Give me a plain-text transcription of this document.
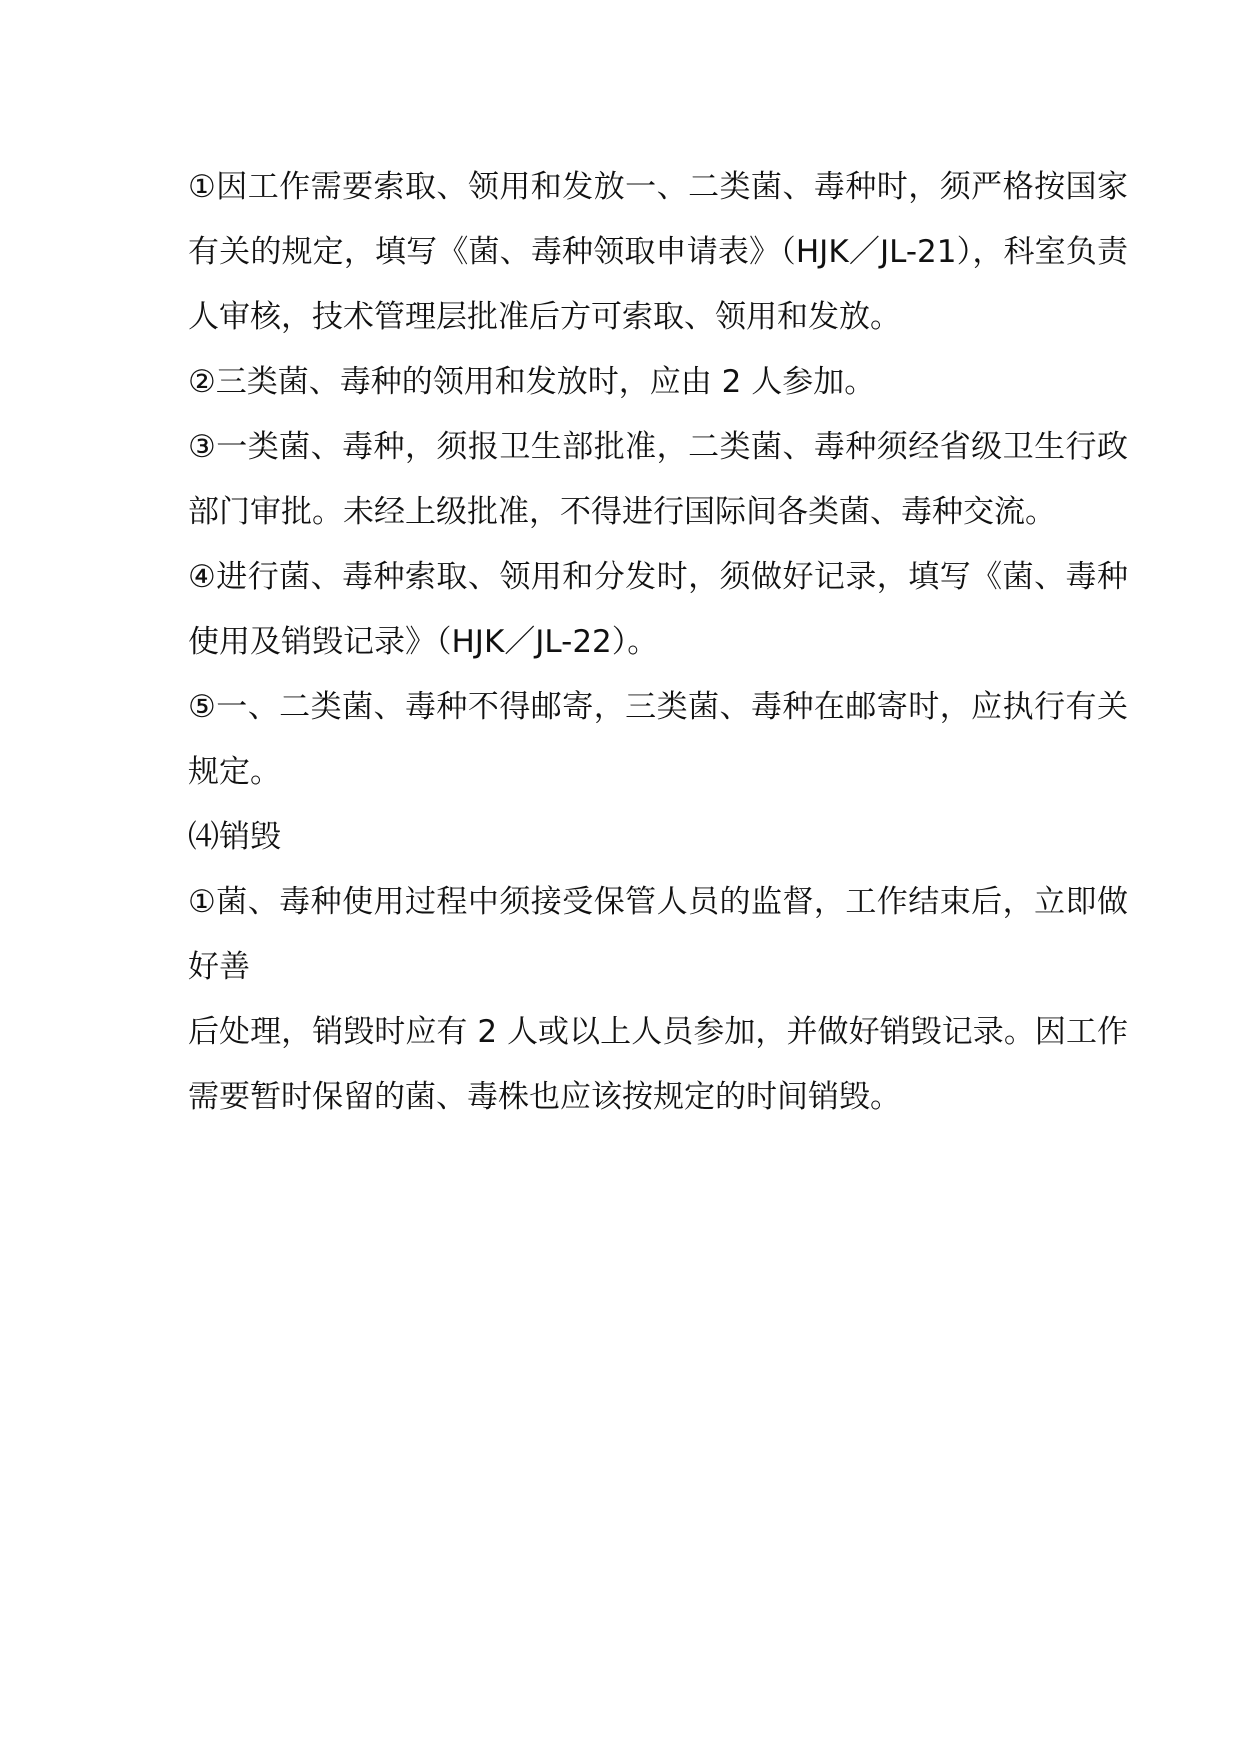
①因工作需要索取、领用和发放一、二类菌、毒种时，须严格按国家有关的规定，填写《菌、毒种领取申请表》（HJK／JL-21），科室负责人审核，技术管理层批准后方可索取、领用和发放。

②三类菌、毒种的领用和发放时，应由 2 人参加。

③一类菌、毒种，须报卫生部批准，二类菌、毒种须经省级卫生行政部门审批。未经上级批准，不得进行国际间各类菌、毒种交流。

④进行菌、毒种索取、领用和分发时，须做好记录，填写《菌、毒种使用及销毁记录》（HJK／JL-22）。

⑤一、二类菌、毒种不得邮寄，三类菌、毒种在邮寄时，应执行有关规定。

⑷销毁

①菌、毒种使用过程中须接受保管人员的监督，工作结束后，立即做好善

后处理，销毁时应有 2 人或以上人员参加，并做好销毁记录。因工作需要暂时保留的菌、毒株也应该按规定的时间销毁。
